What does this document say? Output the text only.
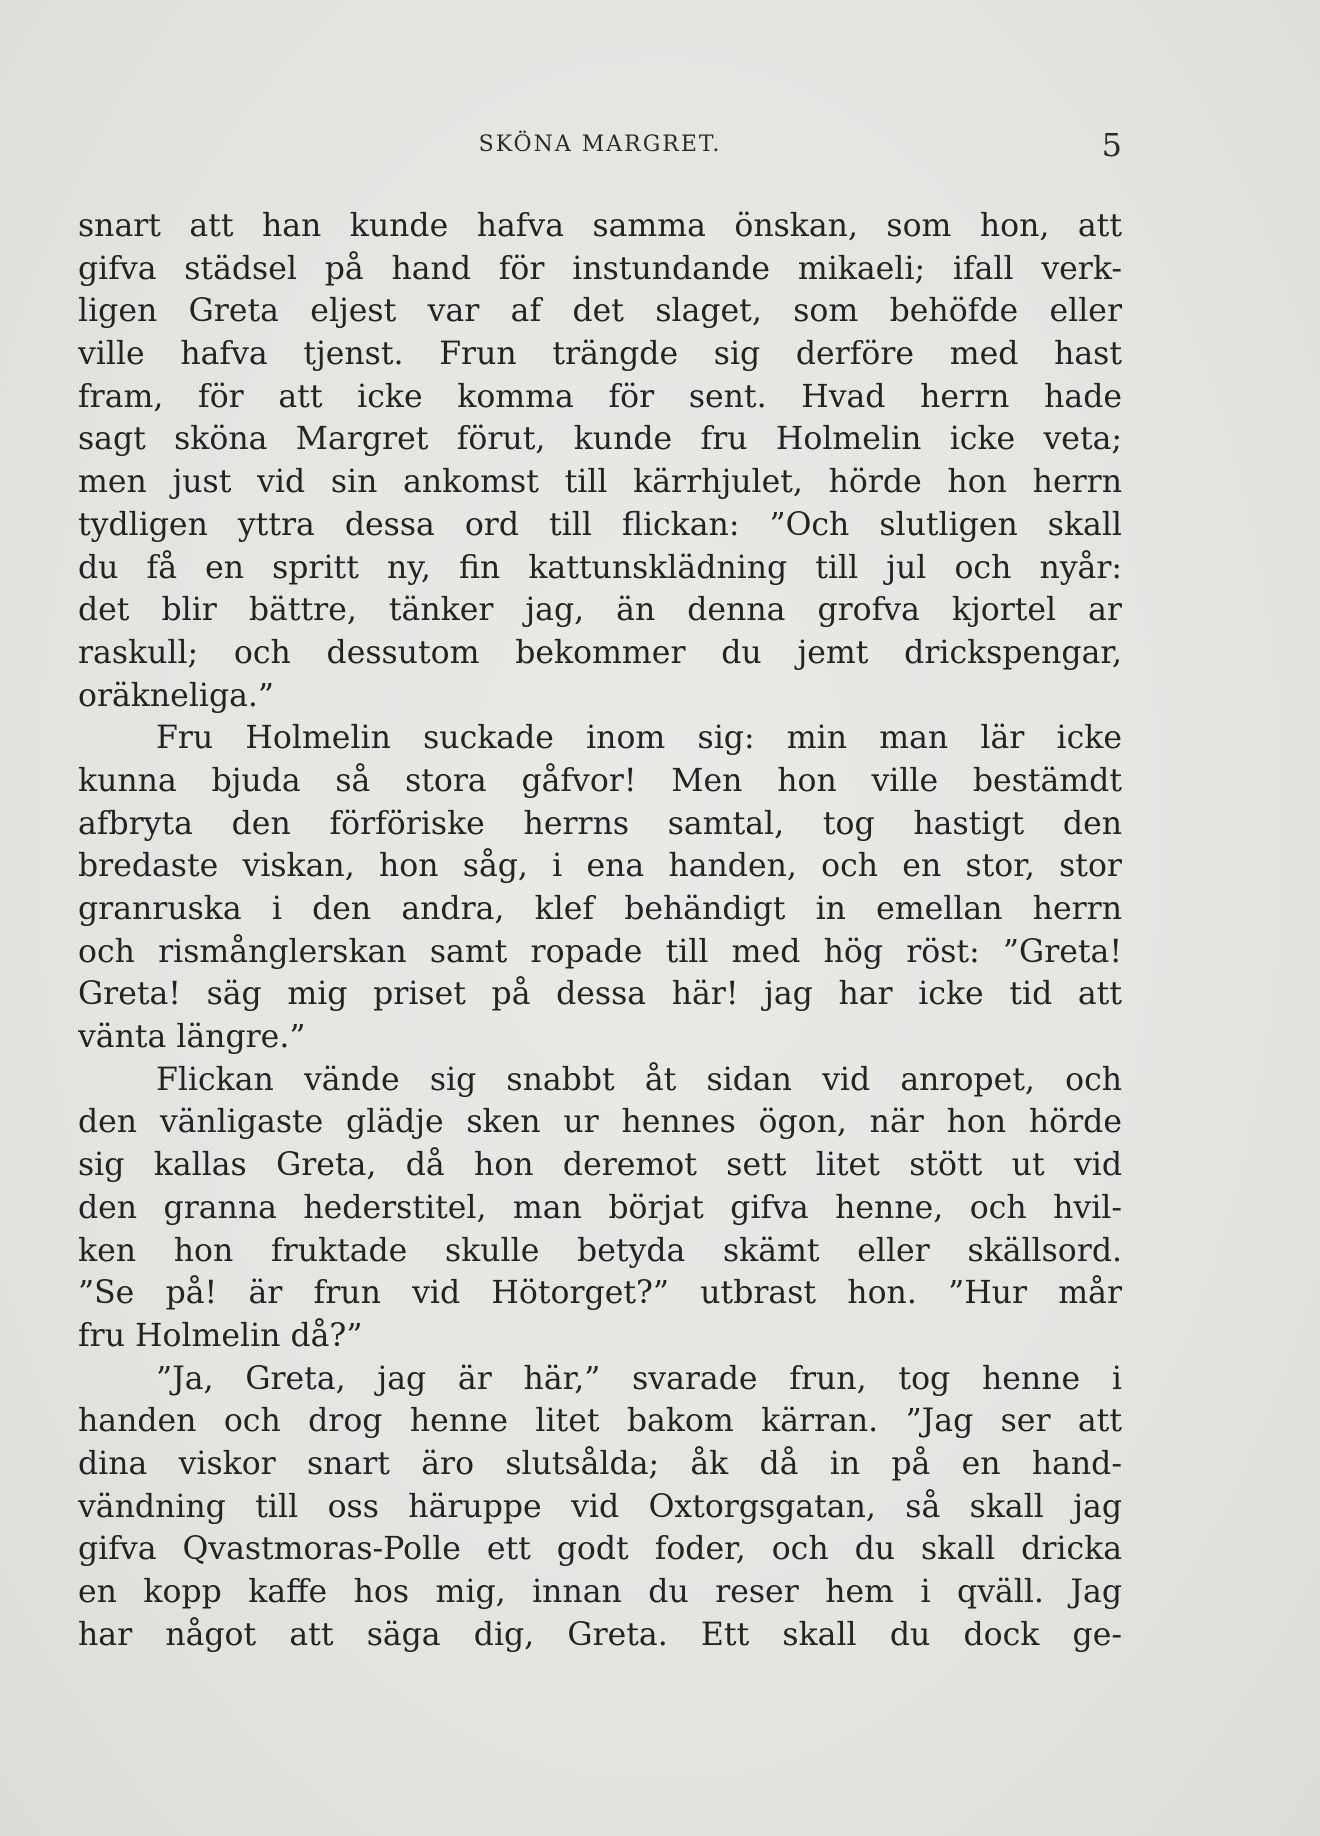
SKÖNA MARGRET.	5
snart att han kunde hafva samma önskan, som hon, att
gifva städsel på hand för instundande mikaeli; ifall verk-
ligen Greta eljest var af det slaget, som behöfde eller
ville hafva tjenst. Frun trängde sig derföre med hast
fram, för att icke komma för sent. Hvad herrn hade
sagt sköna Margret förut, kunde fru Holmelin icke veta;
men just vid sin ankomst till kärrhjulet, hörde hon herrn
tydligen yttra dessa ord till flickan: ”Och slutligen skall
du få en spritt ny, fin kattunsklädning till jul och nyår:
det blir bättre, tänker jag, än denna grofva kjortel ar
raskull; och dessutom bekommer du jemt drickspengar,
oräkneliga.”
Fru Holmelin suckade inom sig: min man lär icke
kunna bjuda så stora gåfvor! Men hon ville bestämdt
afbryta den förföriske herrns samtal, tog hastigt den
bredaste viskan, hon såg, i ena handen, och en stor, stor
granruska i den andra, klef behändigt in emellan herrn
och rismånglerskan samt ropade till med hög röst: ”Greta!
Greta! säg mig priset på dessa här! jag har icke tid att
vänta längre.”
Flickan vände sig snabbt åt sidan vid anropet, och
den vänligaste glädje sken ur hennes ögon, när hon hörde
sig kallas Greta, då hon deremot sett litet stött ut vid
den granna hederstitel, man börjat gifva henne, och hvil-
ken hon fruktade skulle betyda skämt eller skällsord.
”Se på! är frun vid Hötorget?” utbrast hon. ”Hur mår
fru Holmelin då?”
”Ja, Greta, jag är här,” svarade frun, tog henne i
handen och drog henne litet bakom kärran. ”Jag ser att
dina viskor snart äro slutsålda; åk då in på en hand-
vändning till oss häruppe vid Oxtorgsgatan, så skall jag
gifva Qvastmoras-Polle ett godt foder, och du skall dricka
en kopp kaffe hos mig, innan du reser hem i qväll. Jag
har något att säga dig, Greta. Ett skall du dock ge-
